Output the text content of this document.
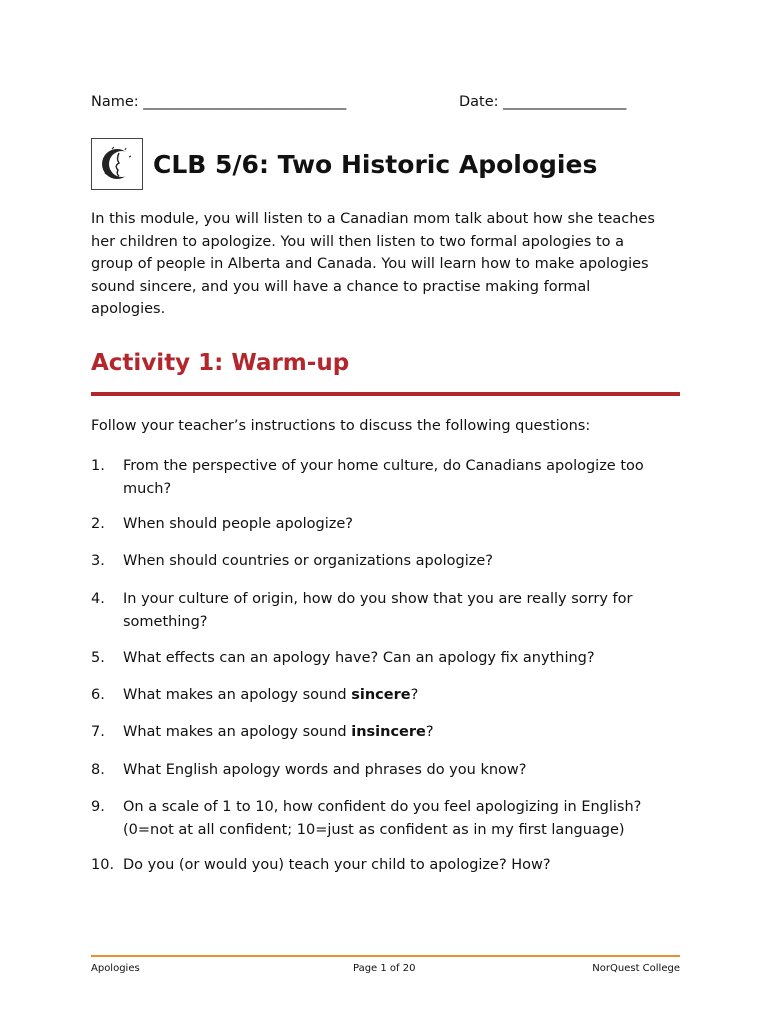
Name: ____________________________	Date: _________________
CLB 5/6: Two Historic Apologies
In this module, you will listen to a Canadian mom talk about how she teaches her children to apologize. You will then listen to two formal apologies to a group of people in Alberta and Canada. You will learn how to make apologies sound sincere, and you will have a chance to practise making formal apologies.
Activity 1: Warm-up
Follow your teacher’s instructions to discuss the following questions:
1. From the perspective of your home culture, do Canadians apologize too much?
2. When should people apologize?
3. When should countries or organizations apologize?
4. In your culture of origin, how do you show that you are really sorry for something?
5. What effects can an apology have? Can an apology fix anything?
6. What makes an apology sound sincere?
7. What makes an apology sound insincere?
8. What English apology words and phrases do you know?
9. On a scale of 1 to 10, how confident do you feel apologizing in English?
(0=not at all confident; 10=just as confident as in my first language)
10. Do you (or would you) teach your child to apologize? How?
Apologies	Page 1 of 20	NorQuest College
